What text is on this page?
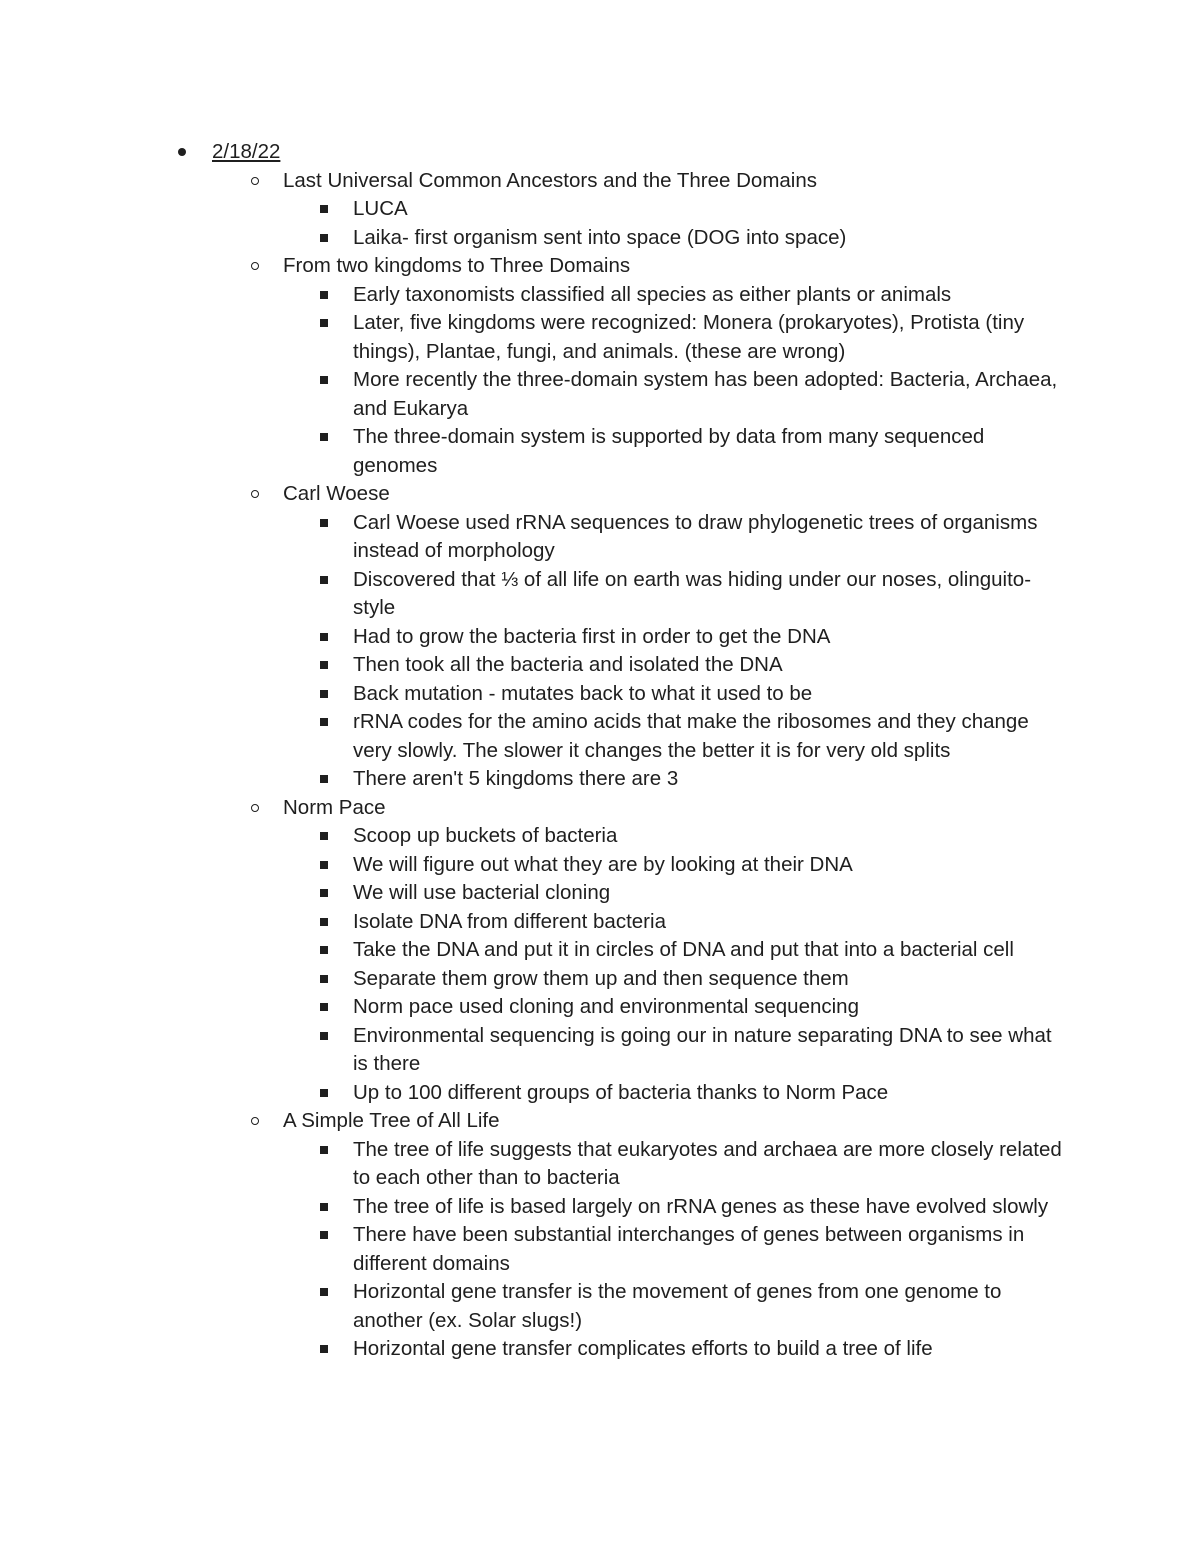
2/18/22
Last Universal Common Ancestors and the Three Domains
LUCA
Laika- first organism sent into space (DOG into space)
From two kingdoms to Three Domains
Early taxonomists classified all species as either plants or animals
Later, five kingdoms were recognized: Monera (prokaryotes), Protista (tiny things), Plantae, fungi, and animals. (these are wrong)
More recently the three-domain system has been adopted: Bacteria, Archaea, and Eukarya
The three-domain system is supported by data from many sequenced genomes
Carl Woese
Carl Woese used rRNA sequences to draw phylogenetic trees of organisms instead of morphology
Discovered that ⅓ of all life on earth was hiding under our noses, olinguito-style
Had to grow the bacteria first in order to get the DNA
Then took all the bacteria and isolated the DNA
Back mutation - mutates back to what it used to be
rRNA codes for the amino acids that make the ribosomes and they change very slowly. The slower it changes the better it is for very old splits
There aren't 5 kingdoms there are 3
Norm Pace
Scoop up buckets of bacteria
We will figure out what they are by looking at their DNA
We will use bacterial cloning
Isolate DNA from different bacteria
Take the DNA and put it in circles of DNA and put that into a bacterial cell
Separate them grow them up and then sequence them
Norm pace used cloning and environmental sequencing
Environmental sequencing is going our in nature separating DNA to see what is there
Up to 100 different groups of bacteria thanks to Norm Pace
A Simple Tree of All Life
The tree of life suggests that eukaryotes and archaea are more closely related to each other than to bacteria
The tree of life is based largely on rRNA genes as these have evolved slowly
There have been substantial interchanges of genes between organisms in different domains
Horizontal gene transfer is the movement of genes from one genome to another (ex. Solar slugs!)
Horizontal gene transfer complicates efforts to build a tree of life
